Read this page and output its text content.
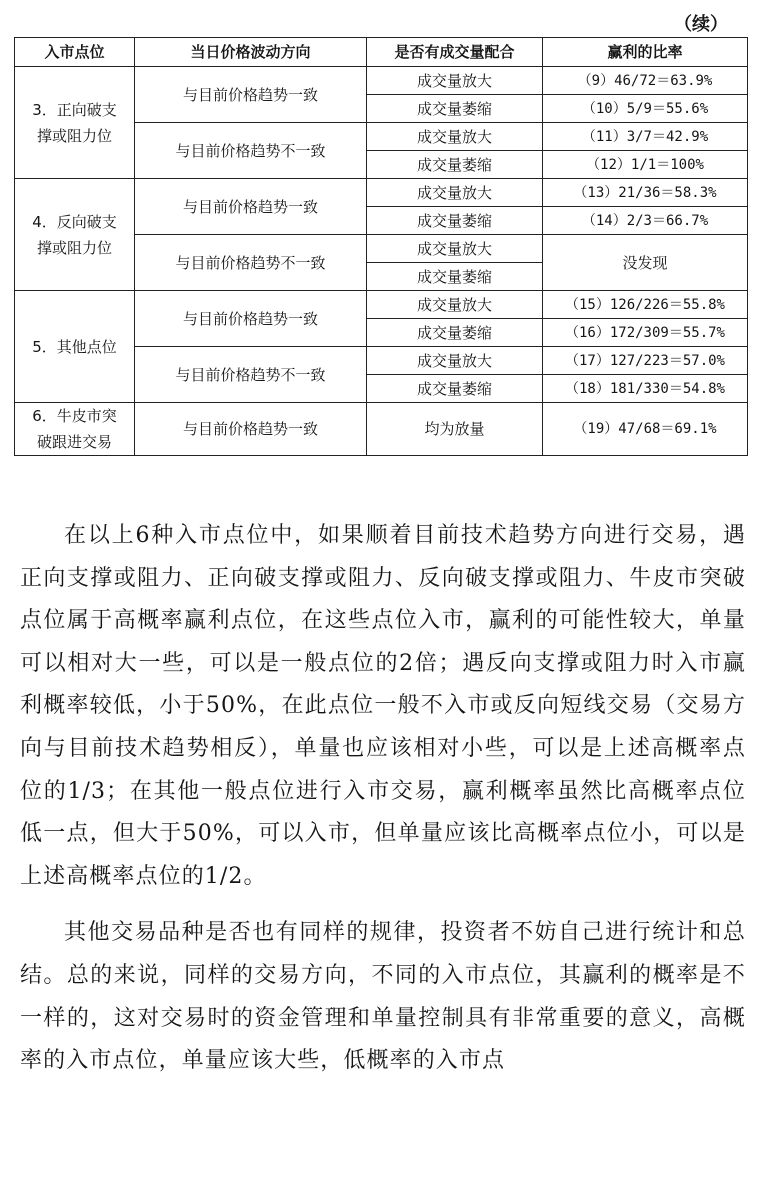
（续）
入市点位	当日价格波动方向	是否有成交量配合	赢利的比率
3．正向破支撑或阻力位	与目前价格趋势一致	成交量放大	（9）46/72＝63.9%
		成交量萎缩	（10）5/9＝55.6%
	与目前价格趋势不一致	成交量放大	（11）3/7＝42.9%
		成交量萎缩	（12）1/1＝100%
4．反向破支撑或阻力位	与目前价格趋势一致	成交量放大	（13）21/36＝58.3%
		成交量萎缩	（14）2/3＝66.7%
	与目前价格趋势不一致	成交量放大	没发现
		成交量萎缩	
5．其他点位	与目前价格趋势一致	成交量放大	（15）126/226＝55.8%
		成交量萎缩	（16）172/309＝55.7%
	与目前价格趋势不一致	成交量放大	（17）127/223＝57.0%
		成交量萎缩	（18）181/330＝54.8%
6．牛皮市突破跟进交易	与目前价格趋势一致	均为放量	（19）47/68＝69.1%

在以上6种入市点位中，如果顺着目前技术趋势方向进行交易，遇正向支撑或阻力、正向破支撑或阻力、反向破支撑或阻力、牛皮市突破点位属于高概率赢利点位，在这些点位入市，赢利的可能性较大，单量可以相对大一些，可以是一般点位的2倍；遇反向支撑或阻力时入市赢利概率较低，小于50%，在此点位一般不入市或反向短线交易（交易方向与目前技术趋势相反），单量也应该相对小些，可以是上述高概率点位的1/3；在其他一般点位进行入市交易，赢利概率虽然比高概率点位低一点，但大于50%，可以入市，但单量应该比高概率点位小，可以是上述高概率点位的1/2。

其他交易品种是否也有同样的规律，投资者不妨自己进行统计和总结。总的来说，同样的交易方向，不同的入市点位，其赢利的概率是不一样的，这对交易时的资金管理和单量控制具有非常重要的意义，高概率的入市点位，单量应该大些，低概率的入市点
